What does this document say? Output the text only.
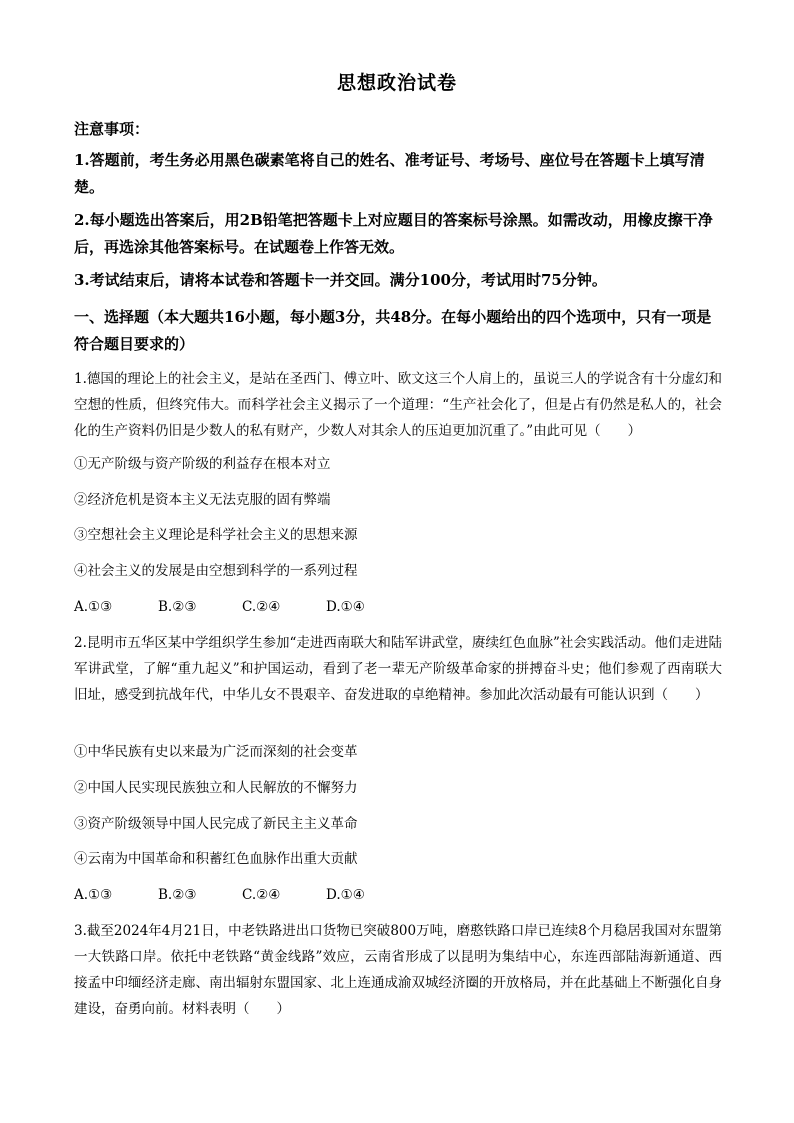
思想政治试卷
注意事项：
1.答题前，考生务必用黑色碳素笔将自己的姓名、准考证号、考场号、座位号在答题卡上填写清楚。
2.每小题选出答案后，用2B铅笔把答题卡上对应题目的答案标号涂黑。如需改动，用橡皮擦干净后，再选涂其他答案标号。在试题卷上作答无效。
3.考试结束后，请将本试卷和答题卡一并交回。满分100分，考试用时75分钟。
一、选择题（本大题共16小题，每小题3分，共48分。在每小题给出的四个选项中，只有一项是符合题目要求的）
1.德国的理论上的社会主义，是站在圣西门、傅立叶、欧文这三个人肩上的，虽说三人的学说含有十分虚幻和空想的性质，但终究伟大。而科学社会主义揭示了一个道理：“生产社会化了，但是占有仍然是私人的，社会化的生产资料仍旧是少数人的私有财产，少数人对其余人的压迫更加沉重了。”由此可见（　　）
①无产阶级与资产阶级的利益存在根本对立
②经济危机是资本主义无法克服的固有弊端
③空想社会主义理论是科学社会主义的思想来源
④社会主义的发展是由空想到科学的一系列过程
A.①③	B.②③	C.②④	D.①④
2.昆明市五华区某中学组织学生参加“走进西南联大和陆军讲武堂，赓续红色血脉”社会实践活动。他们走进陆军讲武堂，了解“重九起义”和护国运动，看到了老一辈无产阶级革命家的拼搏奋斗史；他们参观了西南联大旧址，感受到抗战年代，中华儿女不畏艰辛、奋发进取的卓绝精神。参加此次活动最有可能认识到（　　）
①中华民族有史以来最为广泛而深刻的社会变革
②中国人民实现民族独立和人民解放的不懈努力
③资产阶级领导中国人民完成了新民主主义革命
④云南为中国革命和积蓄红色血脉作出重大贡献
A.①③	B.②③	C.②④	D.①④
3.截至2024年4月21日，中老铁路进出口货物已突破800万吨，磨憨铁路口岸已连续8个月稳居我国对东盟第一大铁路口岸。依托中老铁路“黄金线路”效应，云南省形成了以昆明为集结中心，东连西部陆海新通道、西接孟中印缅经济走廊、南出辐射东盟国家、北上连通成渝双城经济圈的开放格局，并在此基础上不断强化自身建设，奋勇向前。材料表明（　　）
